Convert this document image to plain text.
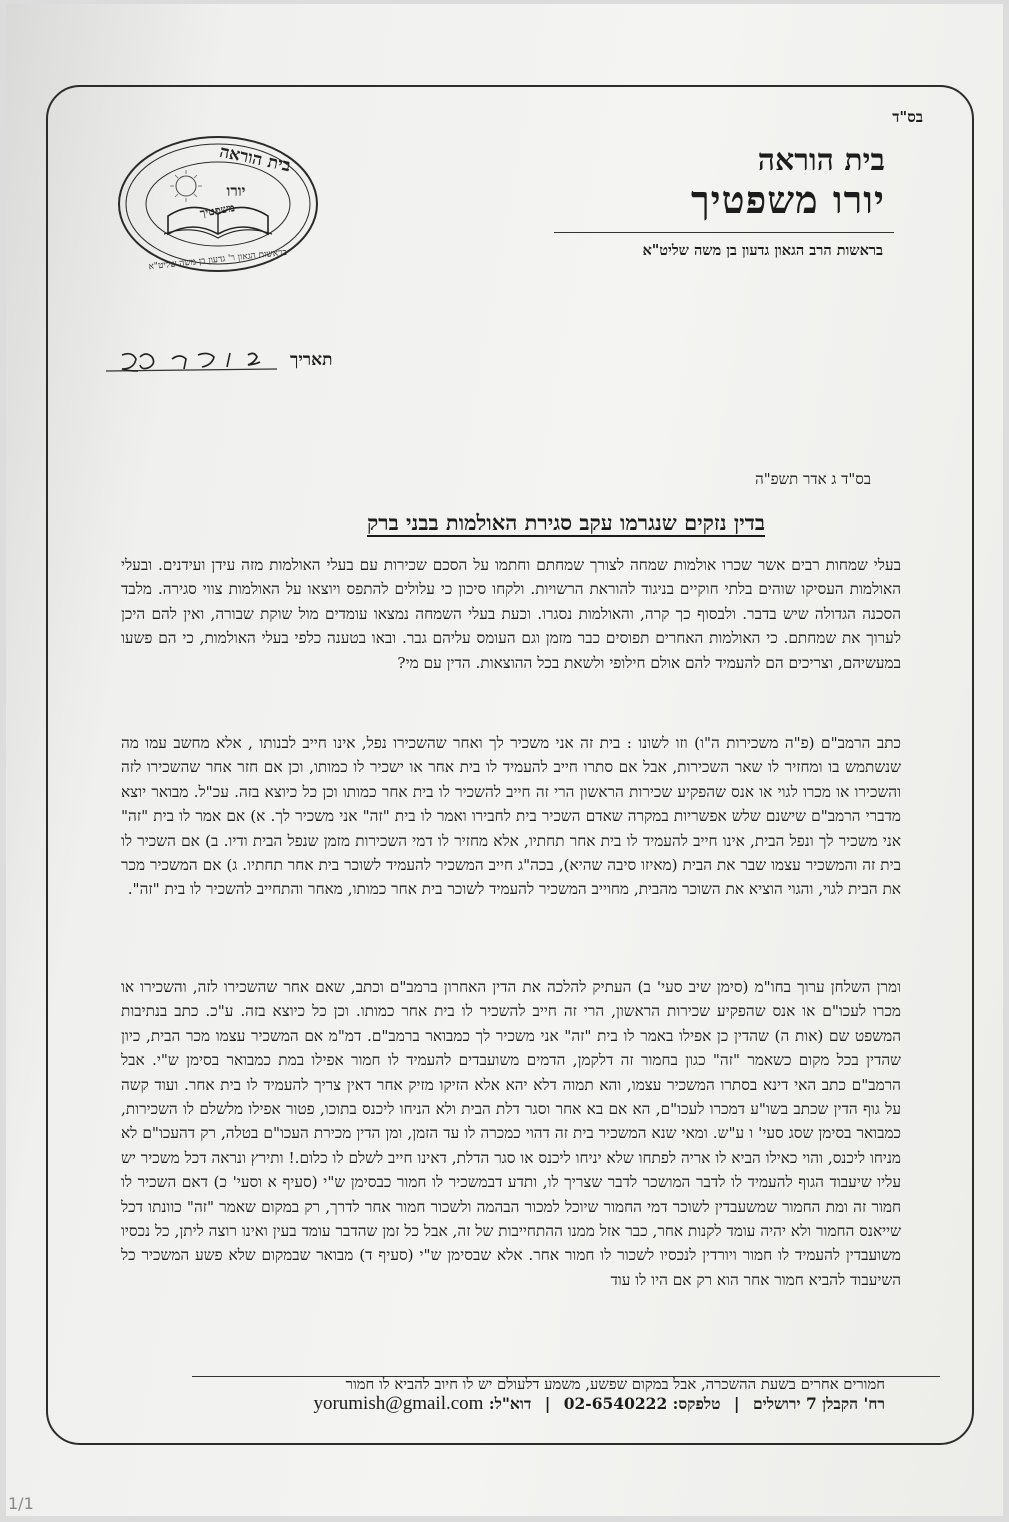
בס"ד
בית הוראה
יורו משפטיך
בראשות הרב הגאון גדעון בן משה שליט"א
בית הוראה
יורו
משפטיך
בראשות הגאון ר' גדעון בן משה שליט"א
תאריך
בס"ד ג אדר תשפ"ה
בדין נזקים שנגרמו עקב סגירת האולמות בבני ברק
בעלי שמחות רבים אשר שכרו אולמות שמחה לצורך שמחתם וחתמו על הסכם שכירות עם בעלי האולמות מזה עידן ועידנים. ובעלי האולמות העסיקו שוהים בלתי חוקיים בניגוד להוראת הרשויות. ולקחו סיכון כי עלולים להתפס ויוצאו על האולמות צווי סגירה. מלבד הסכנה הגדולה שיש בדבר. ולבסוף כך קרה, והאולמות נסגרו. וכעת בעלי השמחה נמצאו עומדים מול שוקת שבורה, ואין להם היכן לערוך את שמחתם. כי האולמות האחרים תפוסים כבר מזמן וגם העומס עליהם גבר. ובאו בטענה כלפי בעלי האולמות, כי הם פשעו במעשיהם, וצריכים הם להעמיד להם אולם חילופי ולשאת בכל ההוצאות. הדין עם מי?
כתב הרמב"ם (פ"ה משכירות ה"ו) וזו לשונו : בית זה אני משכיר לך ואחר שהשכירו נפל, אינו חייב לבנותו , אלא מחשב עמו מה שנשתמש בו ומחזיר לו שאר השכירות, אבל אם סתרו חייב להעמיד לו בית אחר או ישכיר לו כמותו, וכן אם חזר אחר שהשכירו לזה והשכירו או מכרו לגוי או אנס שהפקיע שכירות הראשון הרי זה חייב להשכיר לו בית אחר כמותו וכן כל כיוצא בזה. עכ"ל. מבואר יוצא מדברי הרמב"ם שישנם שלש אפשריות במקרה שאדם השכיר בית לחבירו ואמר לו בית "זה" אני משכיר לך. א) אם אמר לו בית "זה" אני משכיר לך ונפל הבית, אינו חייב להעמיד לו בית אחר תחתיו, אלא מחזיר לו דמי השכירות מזמן שנפל הבית ודיו. ב) אם השכיר לו בית זה והמשכיר עצמו שבר את הבית (מאיזו סיבה שהיא), בכה"ג חייב המשכיר להעמיד לשוכר בית אחר תחתיו. ג) אם המשכיר מכר את הבית לגוי, והגוי הוציא את השוכר מהבית, מחוייב המשכיר להעמיד לשוכר בית אחר כמותו, מאחר והתחייב להשכיר לו בית "זה".
ומרן השלחן ערוך בחו"מ (סימן שיב סעי' ב) העתיק להלכה את הדין האחרון ברמב"ם וכתב, שאם אחר שהשכירו לזה, והשכירו או מכרו לעכו"ם או אנס שהפקיע שכירות הראשון, הרי זה חייב להשכיר לו בית אחר כמותו. וכן כל כיוצא בזה. ע"כ. כתב בנתיבות המשפט שם (אות ה) שהדין כן אפילו באמר לו בית "זה" אני משכיר לך כמבואר ברמב"ם. דמ"מ אם המשכיר עצמו מכר הבית, כיון שהדין בכל מקום כשאמר "זה" כגון בחמור זה דלקמן, הדמים משועבדים להעמיד לו חמור אפילו במת כמבואר בסימן ש"י. אבל הרמב"ם כתב האי דינא בסתרו המשכיר עצמו, והא תמוה דלא יהא אלא הזיקו מזיק אחר דאין צריך להעמיד לו בית אחר. ועוד קשה על גוף הדין שכתב בשו"ע דמכרו לעכו"ם, הא אם בא אחר וסגר דלת הבית ולא הניחו ליכנס בתוכו, פטור אפילו מלשלם לו השכירות, כמבואר בסימן שסג סעי' ו ע"ש. ומאי שנא המשכיר בית זה דהוי כמכרה לו עד הזמן, ומן הדין מכירת העכו"ם בטלה, רק דהעכו"ם לא מניחו ליכנס, והוי כאילו הביא לו אריה לפתחו שלא יניחו ליכנס או סגר הדלת, דאינו חייב לשלם לו כלום.! ותירץ ונראה דכל משכיר יש עליו שיעבוד הגוף להעמיד לו לדבר המושכר לדבר שצריך לו, ותדע דבמשכיר לו חמור כבסימן ש"י (סעיף א וסעי' כ) דאם השכיר לו חמור זה ומת החמור שמשעבדין לשוכר דמי החמור שיוכל למכור הבהמה ולשכור חמור אחר לדרך, רק במקום שאמר "זה" כוונתו דכל שייאנס החמור ולא יהיה עומד לקנות אחר, כבר אזל ממנו ההתחייבות של זה, אבל כל זמן שהדבר עומד בעין ואינו רוצה ליתן, כל נכסיו משועבדין להעמיד לו חמור ויורדין לנכסיו לשכור לו חמור אחר. אלא שבסימן ש"י (סעיף ד) מבואר שבמקום שלא פשע המשכיר כל השיעבוד להביא חמור אחר הוא רק אם היו לו עוד
חמורים אחרים בשעת ההשכרה, אבל במקום שפשע, משמע דלעולם יש לו חיוב להביא לו חמור
רח' הקבלן 7 ירושלים | טלפקס: 02-6540222 | דוא"ל: yorumish@gmail.com
1/1
